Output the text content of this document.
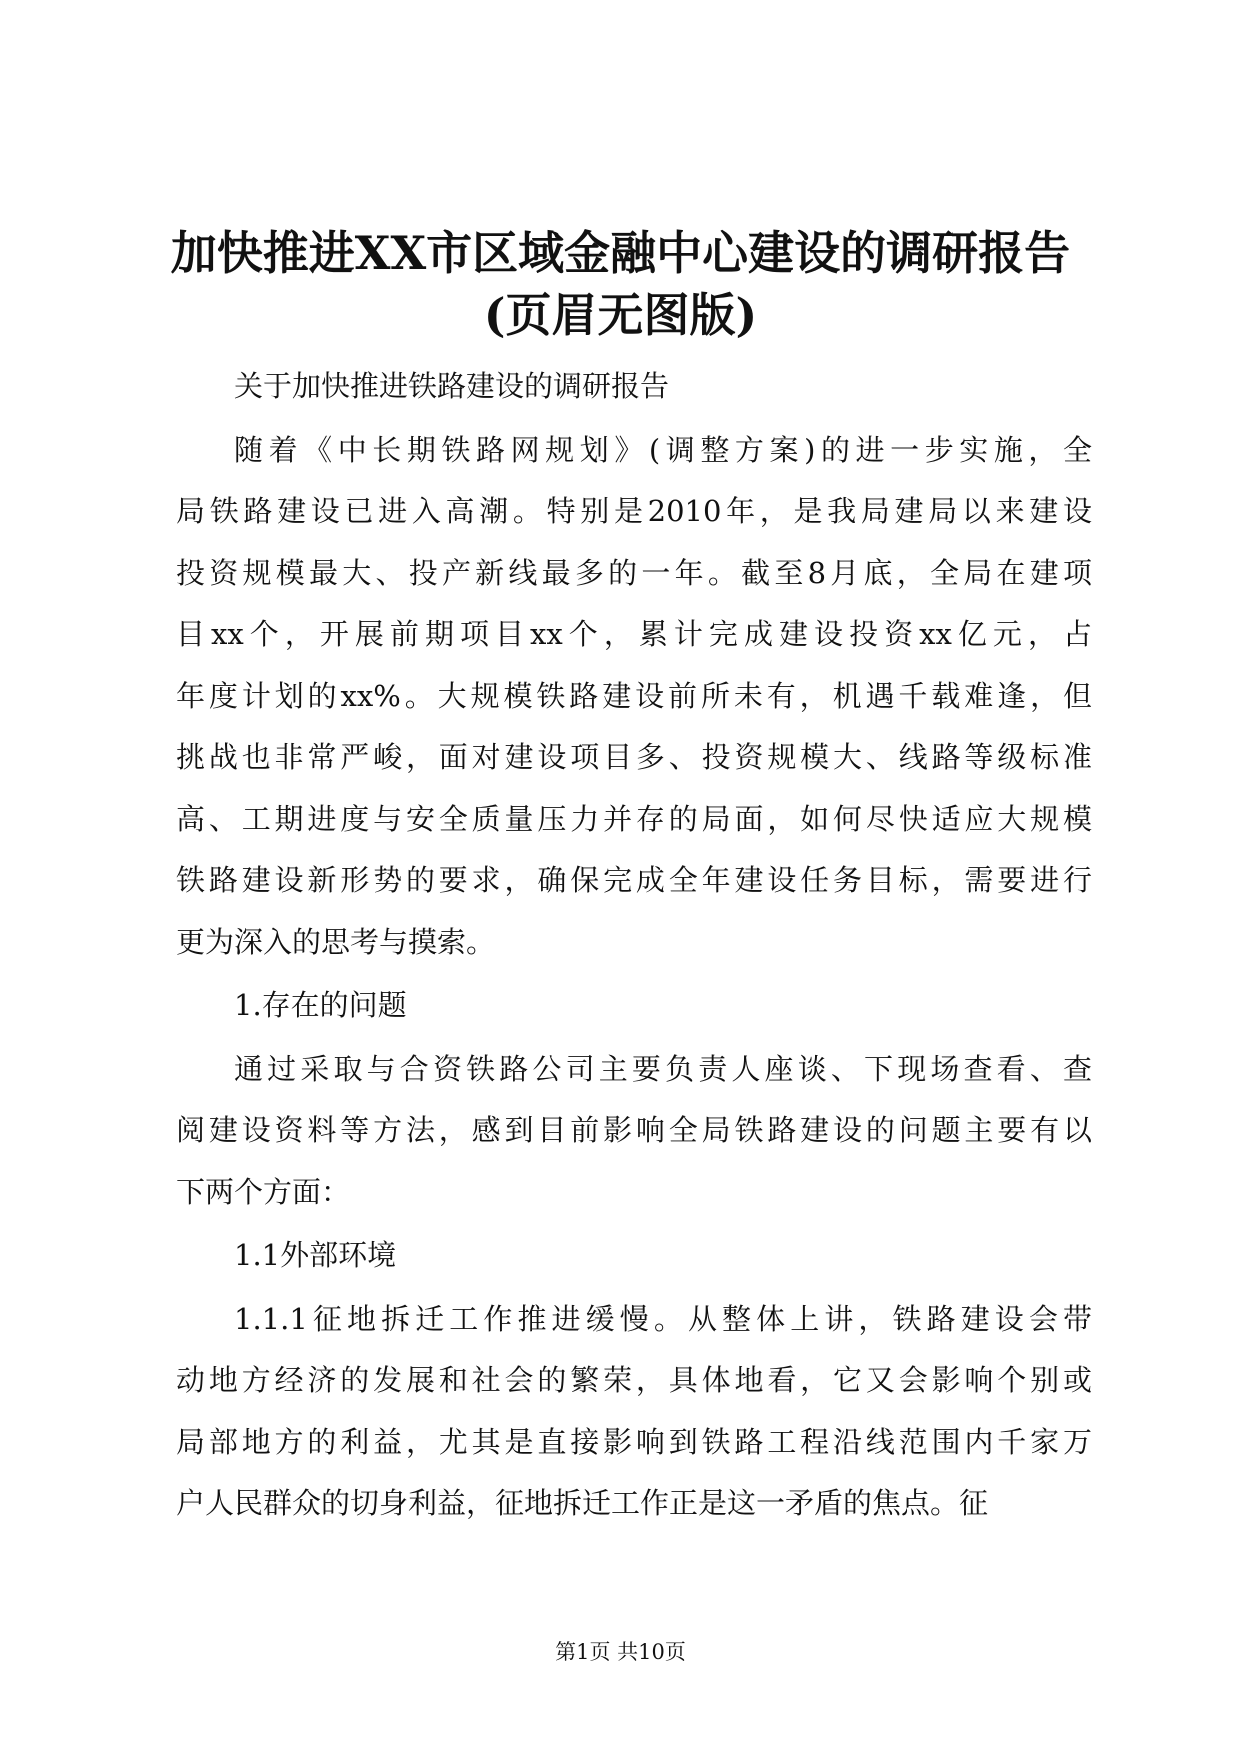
加快推进XX市区域金融中心建设的调研报告
(页眉无图版)
关于加快推进铁路建设的调研报告
随着《中长期铁路网规划》(调整方案)的进一步实施，全
局铁路建设已进入高潮。特别是2010年，是我局建局以来建设
投资规模最大、投产新线最多的一年。截至8月底，全局在建项
目xx个，开展前期项目xx个，累计完成建设投资xx亿元，占
年度计划的xx%。大规模铁路建设前所未有，机遇千载难逢，但
挑战也非常严峻，面对建设项目多、投资规模大、线路等级标准
高、工期进度与安全质量压力并存的局面，如何尽快适应大规模
铁路建设新形势的要求，确保完成全年建设任务目标，需要进行
更为深入的思考与摸索。
1.存在的问题
通过采取与合资铁路公司主要负责人座谈、下现场查看、查
阅建设资料等方法，感到目前影响全局铁路建设的问题主要有以
下两个方面：
1.1外部环境
1.1.1征地拆迁工作推进缓慢。从整体上讲，铁路建设会带
动地方经济的发展和社会的繁荣，具体地看，它又会影响个别或
局部地方的利益，尤其是直接影响到铁路工程沿线范围内千家万
户人民群众的切身利益，征地拆迁工作正是这一矛盾的焦点。征
第1页 共10页
